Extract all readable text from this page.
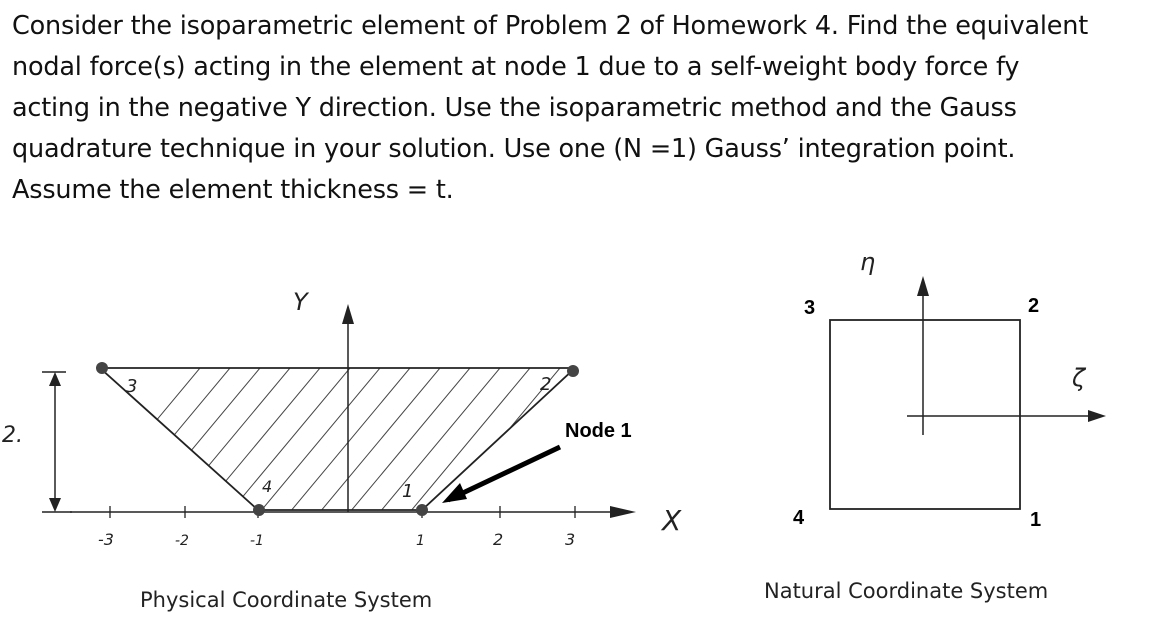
Consider the isoparametric element of Problem 2 of Homework 4. Find the equivalent
nodal force(s) acting in the element at node 1 due to a self-weight body force fy
acting in the negative Y direction. Use the isoparametric method and the Gauss
quadrature technique in your solution. Use one (N =1) Gauss’ integration point.
Assume the element thickness = t.
Y
X
2.	Node 1
-3	-2	-1	1	2	3
3	2
4	1
Physical Coordinate System
η
ζ
3	2
4	1
Natural Coordinate System
